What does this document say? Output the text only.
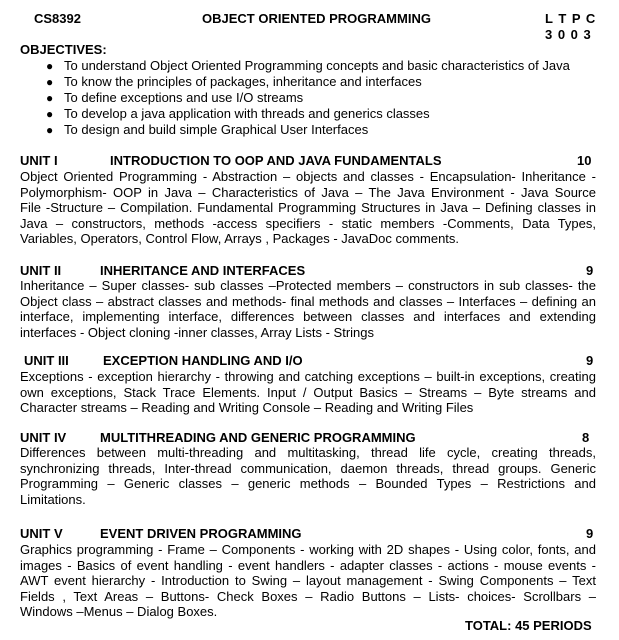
CS8392	OBJECT ORIENTED PROGRAMMING	L T P C
3 0 0 3
OBJECTIVES:
● To understand Object Oriented Programming concepts and basic characteristics of Java
● To know the principles of packages, inheritance and interfaces
● To define exceptions and use I/O streams
● To develop a java application with threads and generics classes
● To design and build simple Graphical User Interfaces
UNIT I	INTRODUCTION TO OOP AND JAVA FUNDAMENTALS	10
Object Oriented Programming - Abstraction – objects and classes - Encapsulation- Inheritance -
Polymorphism- OOP in Java – Characteristics of Java – The Java Environment - Java Source
File -Structure – Compilation. Fundamental Programming Structures in Java – Defining classes in
Java – constructors, methods -access specifiers - static members -Comments, Data Types,
Variables, Operators, Control Flow, Arrays , Packages - JavaDoc comments.
UNIT II	INHERITANCE AND INTERFACES	9
Inheritance – Super classes- sub classes –Protected members – constructors in sub classes- the
Object class – abstract classes and methods- final methods and classes – Interfaces – defining an
interface, implementing interface, differences between classes and interfaces and extending
interfaces - Object cloning -inner classes, Array Lists - Strings
UNIT III	EXCEPTION HANDLING AND I/O	9
Exceptions - exception hierarchy - throwing and catching exceptions – built-in exceptions, creating
own exceptions, Stack Trace Elements. Input / Output Basics – Streams – Byte streams and
Character streams – Reading and Writing Console – Reading and Writing Files
UNIT IV	MULTITHREADING AND GENERIC PROGRAMMING	8
Differences between multi-threading and multitasking, thread life cycle, creating threads,
synchronizing threads, Inter-thread communication, daemon threads, thread groups. Generic
Programming – Generic classes – generic methods – Bounded Types – Restrictions and
Limitations.
UNIT V	EVENT DRIVEN PROGRAMMING	9
Graphics programming - Frame – Components - working with 2D shapes - Using color, fonts, and
images - Basics of event handling - event handlers - adapter classes - actions - mouse events -
AWT event hierarchy - Introduction to Swing – layout management - Swing Components – Text
Fields , Text Areas – Buttons- Check Boxes – Radio Buttons – Lists- choices- Scrollbars –
Windows –Menus – Dialog Boxes.
TOTAL: 45 PERIODS
